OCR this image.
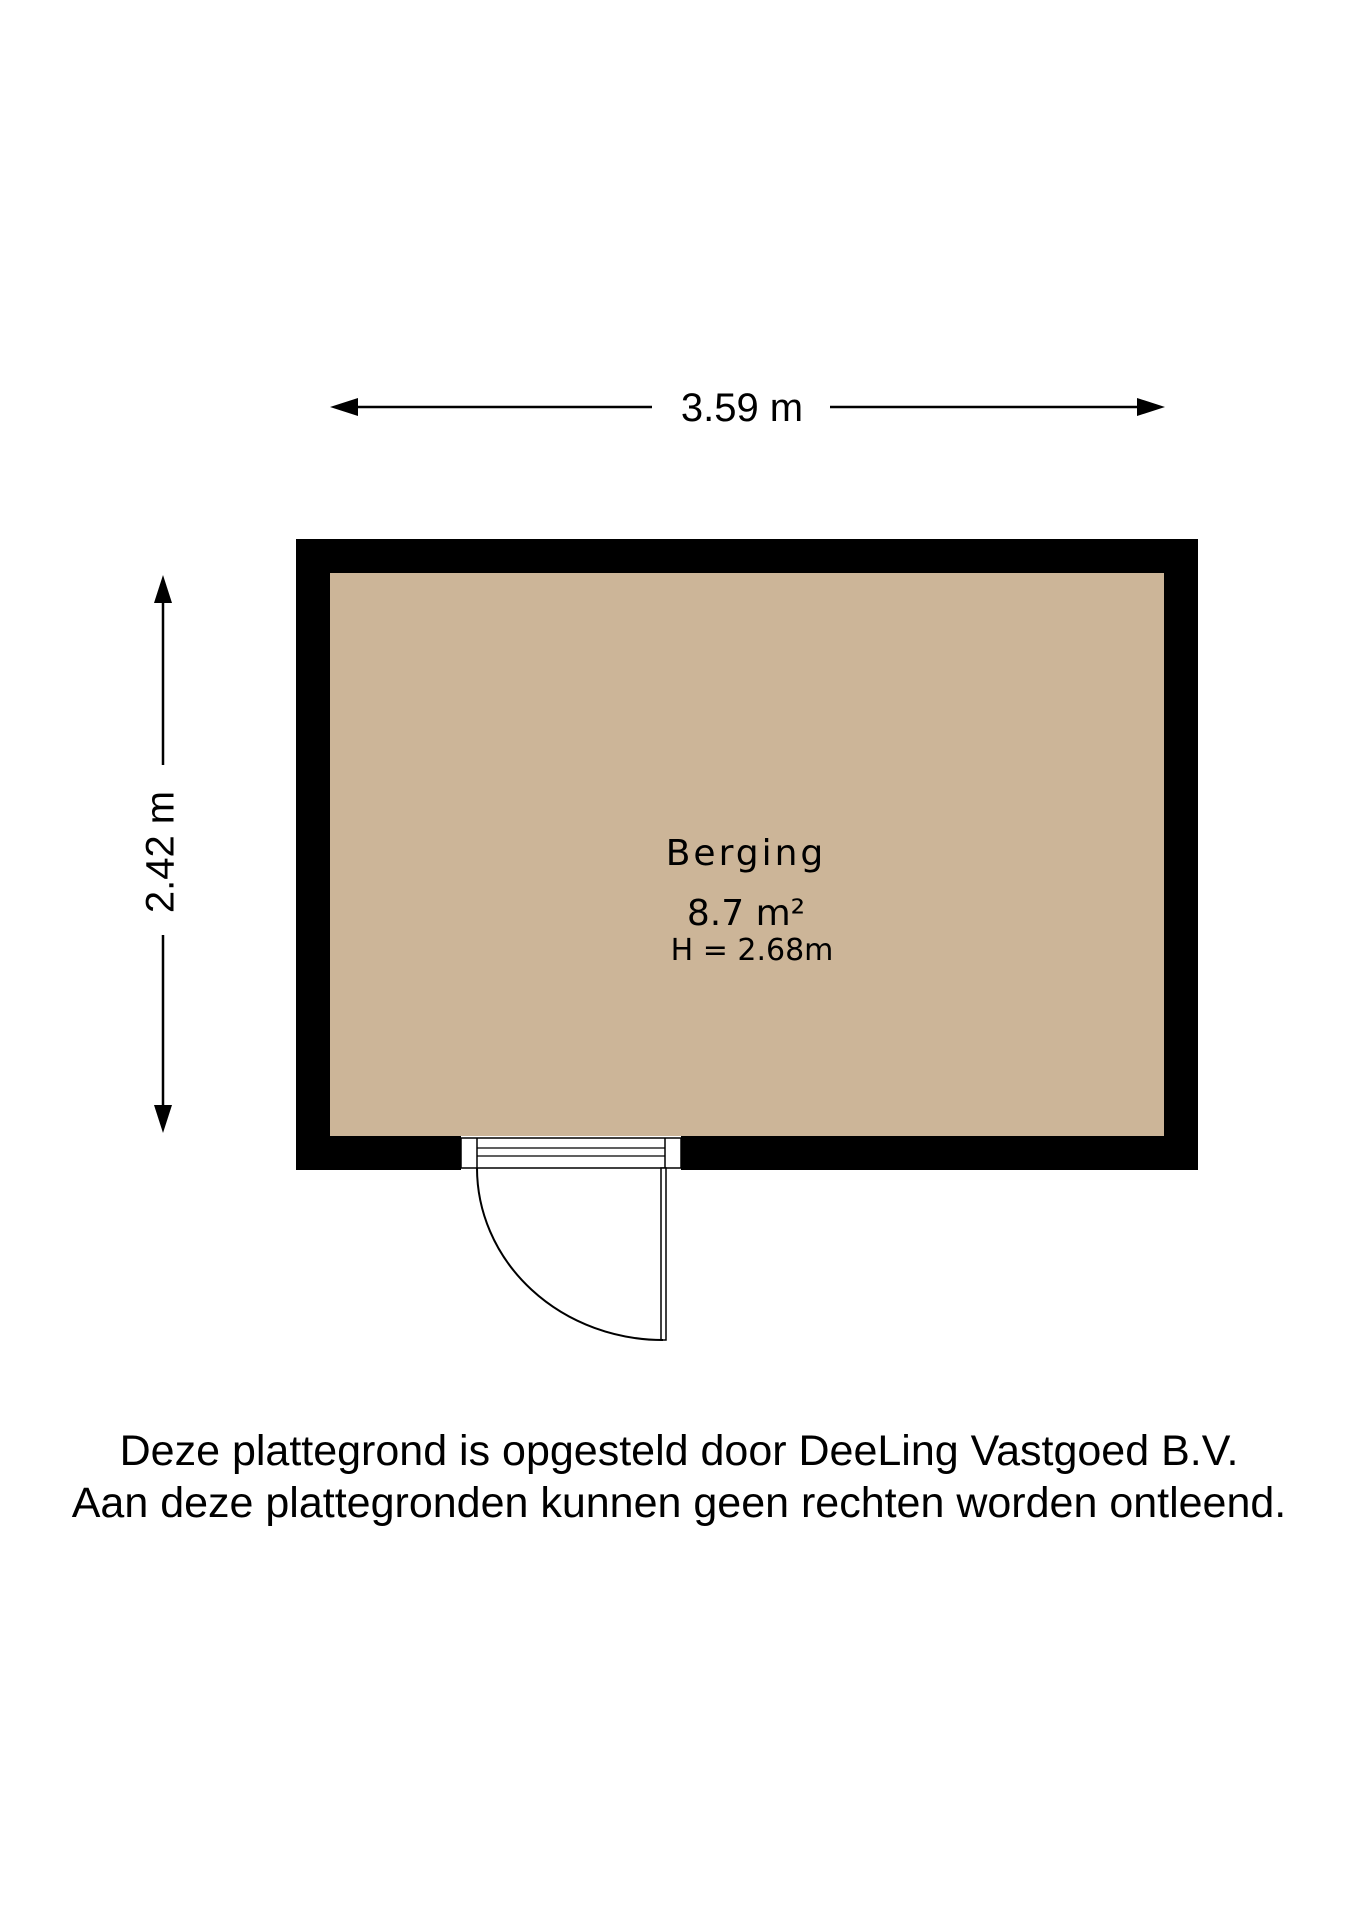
3.59 m
2.42 m	Berging
8.7 m²
H = 2.68m
Deze plattegrond is opgesteld door DeeLing Vastgoed B.V.
Aan deze plattegronden kunnen geen rechten worden ontleend.
